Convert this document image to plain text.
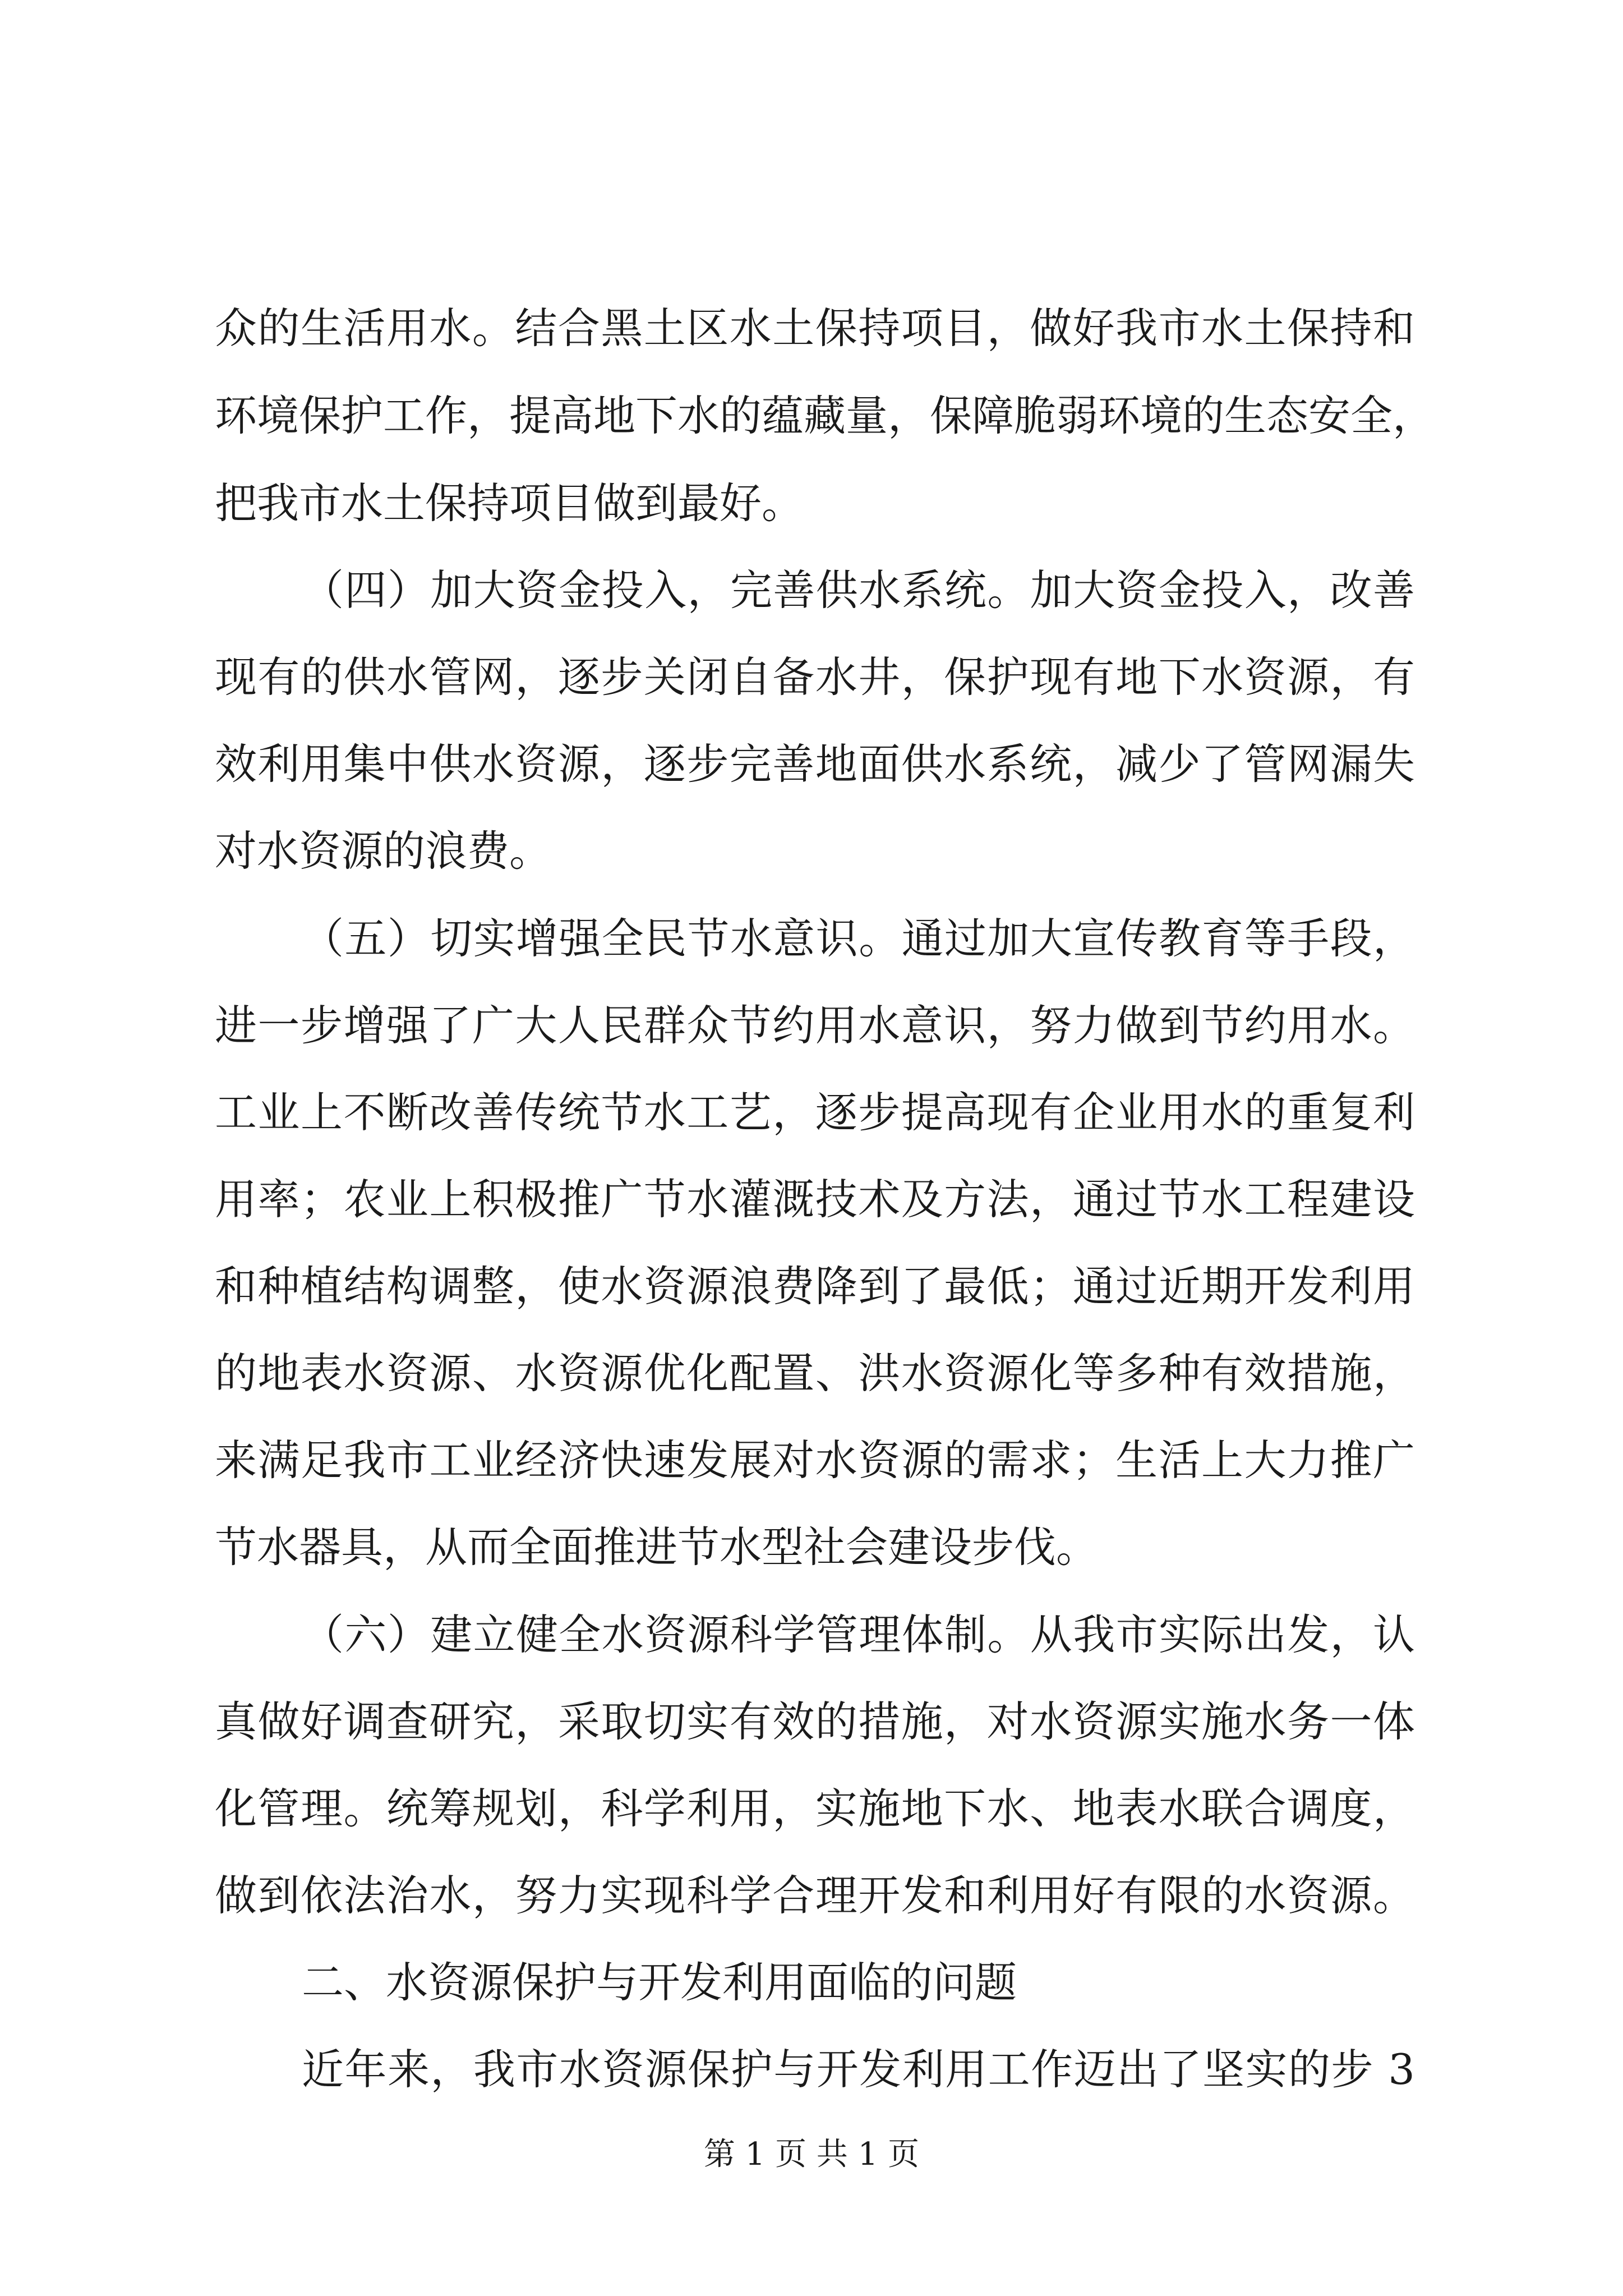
众的生活用水。结合黑土区水土保持项目，做好我市水土保持和
环境保护工作，提高地下水的蕴藏量，保障脆弱环境的生态安全，
把我市水土保持项目做到最好。
（四）加大资金投入，完善供水系统。加大资金投入，改善
现有的供水管网，逐步关闭自备水井，保护现有地下水资源，有
效利用集中供水资源，逐步完善地面供水系统，减少了管网漏失
对水资源的浪费。
（五）切实增强全民节水意识。通过加大宣传教育等手段，
进一步增强了广大人民群众节约用水意识，努力做到节约用水。
工业上不断改善传统节水工艺，逐步提高现有企业用水的重复利
用率；农业上积极推广节水灌溉技术及方法，通过节水工程建设
和种植结构调整，使水资源浪费降到了最低；通过近期开发利用
的地表水资源、水资源优化配置、洪水资源化等多种有效措施，
来满足我市工业经济快速发展对水资源的需求；生活上大力推广
节水器具，从而全面推进节水型社会建设步伐。
（六）建立健全水资源科学管理体制。从我市实际出发，认
真做好调查研究，采取切实有效的措施，对水资源实施水务一体
化管理。统筹规划，科学利用，实施地下水、地表水联合调度，
做到依法治水，努力实现科学合理开发和利用好有限的水资源。
二、水资源保护与开发利用面临的问题
近年来，我市水资源保护与开发利用工作迈出了坚实的步 3
第 1 页 共 1 页
